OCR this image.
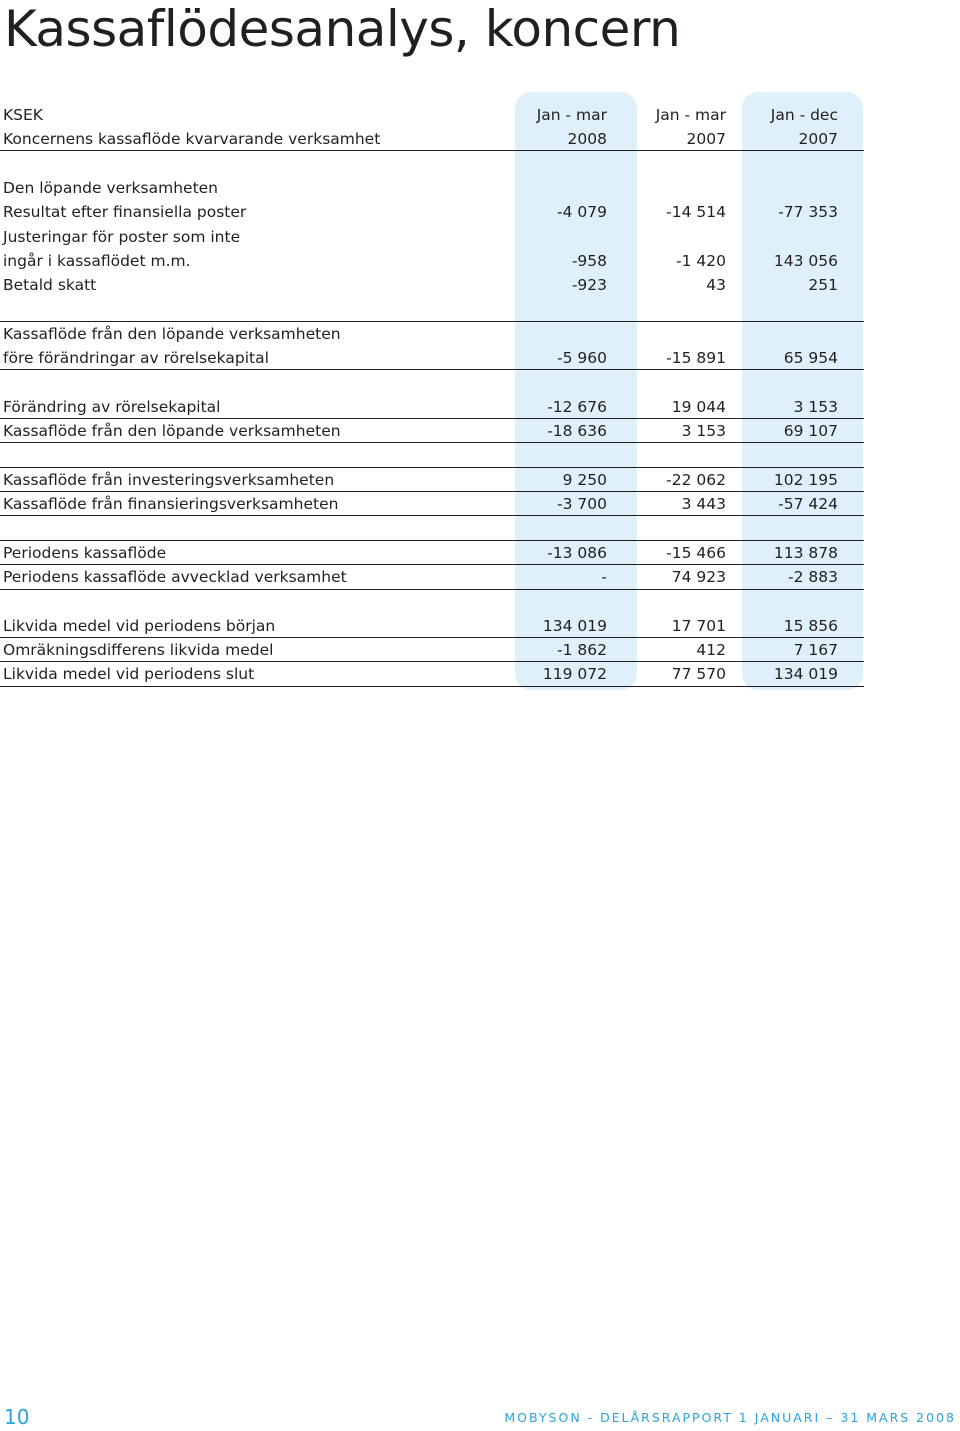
Kassaflödesanalys, koncern
KSEK	Jan - mar	Jan - mar	Jan - dec
Koncernens kassaflöde kvarvarande verksamhet	2008	2007	2007
Den löpande verksamheten
Resultat efter finansiella poster	-4 079	-14 514	-77 353
Justeringar för poster som inte
ingår i kassaflödet m.m.	-958	-1 420	143 056
Betald skatt	-923	43	251
Kassaflöde från den löpande verksamheten
före förändringar av rörelsekapital	-5 960	-15 891	65 954
Förändring av rörelsekapital	-12 676	19 044	3 153
Kassaflöde från den löpande verksamheten	-18 636	3 153	69 107
Kassaflöde från investeringsverksamheten	9 250	-22 062	102 195
Kassaflöde från finansieringsverksamheten	-3 700	3 443	-57 424
Periodens kassaflöde	-13 086	-15 466	113 878
Periodens kassaflöde avvecklad verksamhet	-	74 923	-2 883
Likvida medel vid periodens början	134 019	17 701	15 856
Omräkningsdifferens likvida medel	-1 862	412	7 167
Likvida medel vid periodens slut	119 072	77 570	134 019
10	MOBYSON - DELÅRSRAPPORT 1 JANUARI – 31 MARS 2008
